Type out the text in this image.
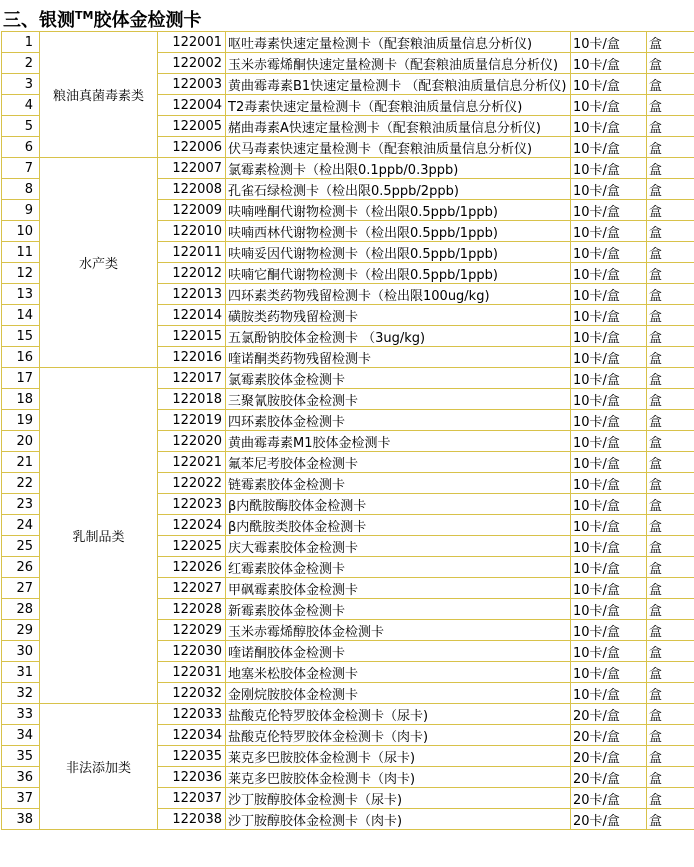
三、银测™胶体金检测卡
1	粮油真菌毒素类	122001	呕吐毒素快速定量检测卡（配套粮油质量信息分析仪)	10卡/盒	盒
2		122002	玉米赤霉烯酮快速定量检测卡（配套粮油质量信息分析仪)	10卡/盒	盒
3		122003	黄曲霉毒素B1快速定量检测卡 （配套粮油质量信息分析仪)	10卡/盒	盒
4		122004	T2毒素快速定量检测卡（配套粮油质量信息分析仪)	10卡/盒	盒
5		122005	赭曲毒素A快速定量检测卡（配套粮油质量信息分析仪)	10卡/盒	盒
6		122006	伏马毒素快速定量检测卡（配套粮油质量信息分析仪)	10卡/盒	盒
7	水产类	122007	氯霉素检测卡（检出限0.1ppb/0.3ppb)	10卡/盒	盒
8		122008	孔雀石绿检测卡（检出限0.5ppb/2ppb)	10卡/盒	盒
9		122009	呋喃唑酮代谢物检测卡（检出限0.5ppb/1ppb)	10卡/盒	盒
10		122010	呋喃西林代谢物检测卡（检出限0.5ppb/1ppb)	10卡/盒	盒
11		122011	呋喃妥因代谢物检测卡（检出限0.5ppb/1ppb)	10卡/盒	盒
12		122012	呋喃它酮代谢物检测卡（检出限0.5ppb/1ppb)	10卡/盒	盒
13		122013	四环素类药物残留检测卡（检出限100ug/kg)	10卡/盒	盒
14		122014	磺胺类药物残留检测卡	10卡/盒	盒
15		122015	五氯酚钠胶体金检测卡 （3ug/kg)	10卡/盒	盒
16		122016	喹诺酮类药物残留检测卡	10卡/盒	盒
17	乳制品类	122017	氯霉素胶体金检测卡	10卡/盒	盒
18		122018	三聚氰胺胶体金检测卡	10卡/盒	盒
19		122019	四环素胶体金检测卡	10卡/盒	盒
20		122020	黄曲霉毒素M1胶体金检测卡	10卡/盒	盒
21		122021	氟苯尼考胶体金检测卡	10卡/盒	盒
22		122022	链霉素胶体金检测卡	10卡/盒	盒
23		122023	β内酰胺酶胶体金检测卡	10卡/盒	盒
24		122024	β内酰胺类胶体金检测卡	10卡/盒	盒
25		122025	庆大霉素胶体金检测卡	10卡/盒	盒
26		122026	红霉素胶体金检测卡	10卡/盒	盒
27		122027	甲砜霉素胶体金检测卡	10卡/盒	盒
28		122028	新霉素胶体金检测卡	10卡/盒	盒
29		122029	玉米赤霉烯醇胶体金检测卡	10卡/盒	盒
30		122030	喹诺酮胶体金检测卡	10卡/盒	盒
31		122031	地塞米松胶体金检测卡	10卡/盒	盒
32		122032	金刚烷胺胶体金检测卡	10卡/盒	盒
33	非法添加类	122033	盐酸克伦特罗胶体金检测卡（尿卡)	20卡/盒	盒
34		122034	盐酸克伦特罗胶体金检测卡（肉卡)	20卡/盒	盒
35		122035	莱克多巴胺胶体金检测卡（尿卡)	20卡/盒	盒
36		122036	莱克多巴胺胶体金检测卡（肉卡)	20卡/盒	盒
37		122037	沙丁胺醇胶体金检测卡（尿卡)	20卡/盒	盒
38		122038	沙丁胺醇胶体金检测卡（肉卡)	20卡/盒	盒
